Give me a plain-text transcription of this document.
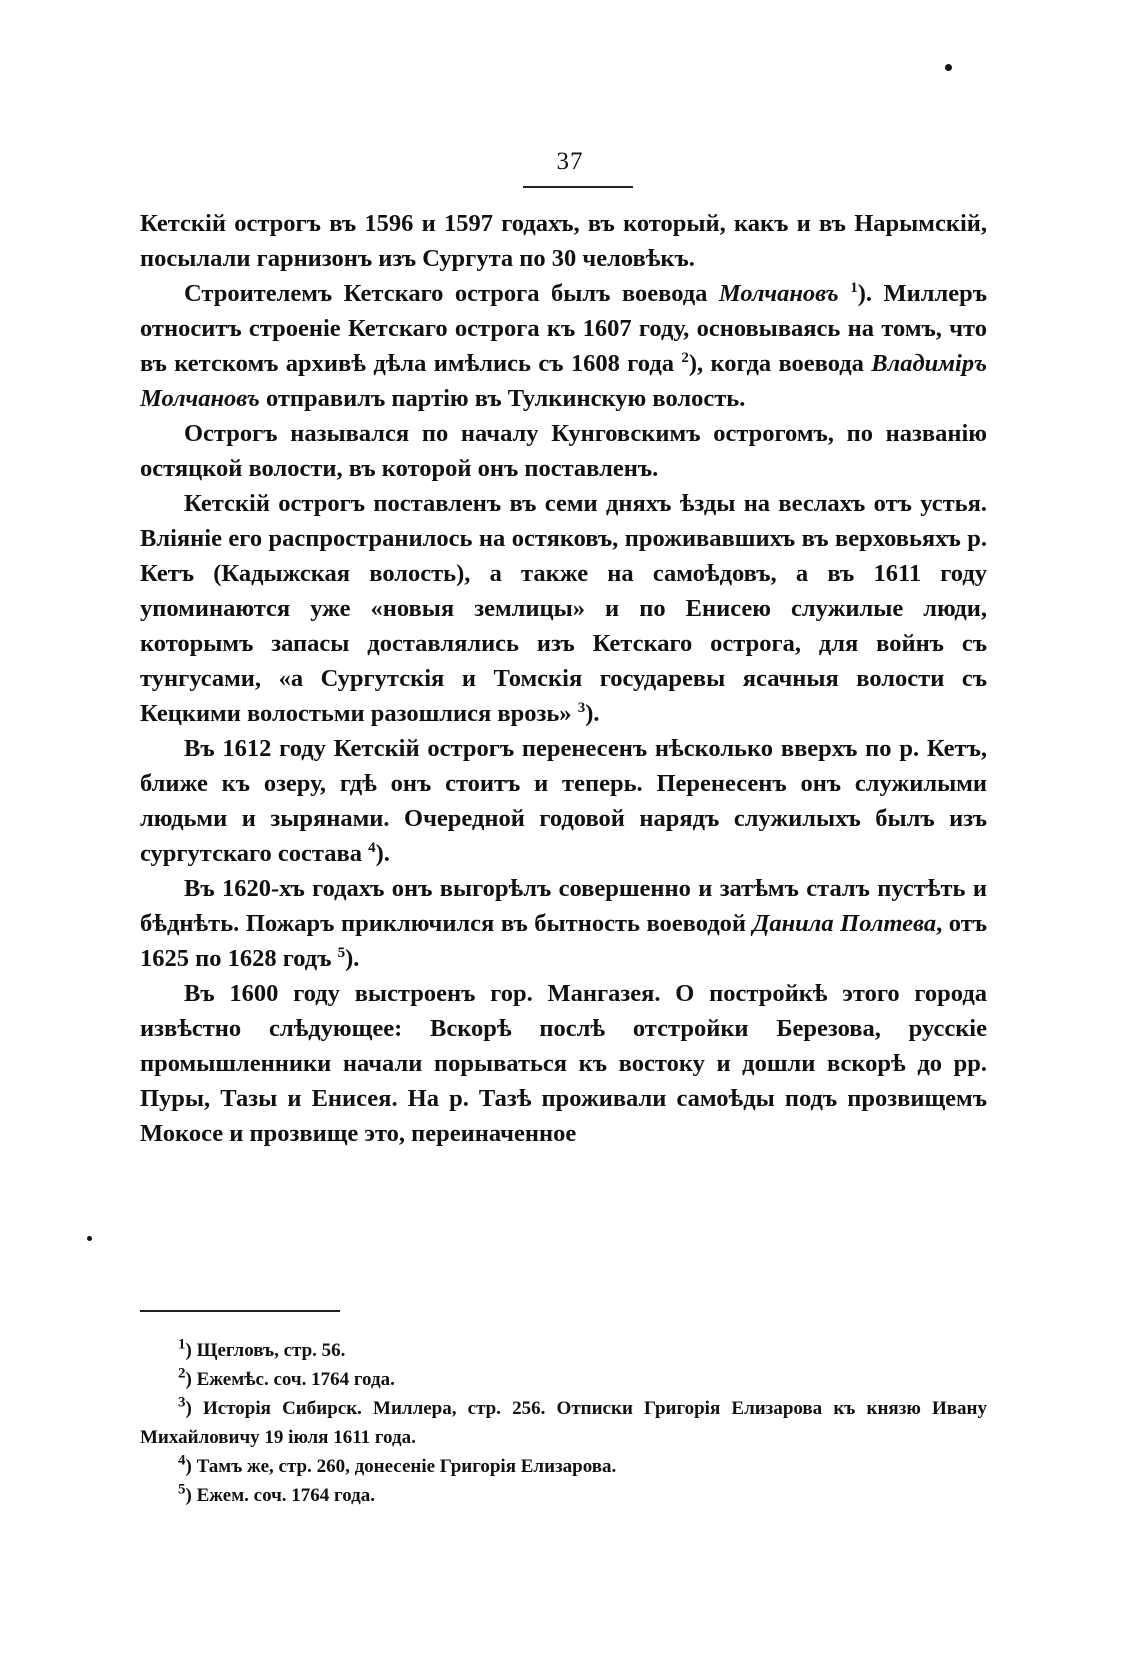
37

Кетскій острогъ въ 1596 и 1597 годахъ, въ который, какъ и въ Нарымскій, посылали гарнизонъ изъ Сургута по 30 человѣкъ.

Строителемъ Кетскаго острога былъ воевода Молчановъ $^1$). Миллеръ относитъ строеніе Кетскаго острога къ 1607 году, основываясь на томъ, что въ кетскомъ архивѣ дѣла имѣлись съ 1608 года $^2$), когда воевода Владиміръ Молчановъ отправилъ партію въ Тулкинскую волость.

Острогъ назывался по началу Кунговскимъ острогомъ, по названію остяцкой волости, въ которой онъ поставленъ.

Кетскій острогъ поставленъ въ семи дняхъ ѣзды на веслахъ отъ устья. Вліяніе его распространилось на остяковъ, проживавшихъ въ верховьяхъ р. Кетъ (Кадыжская волость), а также на самоѣдовъ, а въ 1611 году упоминаются уже «новыя землицы» и по Енисею служилые люди, которымъ запасы доставлялись изъ Кетскаго острога, для войнъ съ тунгусами, «а Сургутскія и Томскія государевы ясачныя волости съ Кецкими волостьми разошлися врозь» $^3$).

Въ 1612 году Кетскій острогъ перенесенъ нѣсколько вверхъ по р. Кетъ, ближе къ озеру, гдѣ онъ стоитъ и теперь. Перенесенъ онъ служилыми людьми и зырянами. Очередной годовой нарядъ служилыхъ былъ изъ сургутскаго состава $^4$).

Въ 1620-хъ годахъ онъ выгорѣлъ совершенно и затѣмъ сталъ пустѣть и бѣднѣть. Пожаръ приключился въ бытность воеводой Данила Полтева, отъ 1625 по 1628 годъ $^5$).

Въ 1600 году выстроенъ гор. Мангазея. О постройкѣ этого города извѣстно слѣдующее: Вскорѣ послѣ отстройки Березова, русскіе промышленники начали порываться къ востоку и дошли вскорѣ до рр. Пуры, Тазы и Енисея. На р. Тазѣ проживали самоѣды подъ прозвищемъ Мокосе и прозвище это, переиначенное

$^1$) Щегловъ, стр. 56.

$^2$) Ежемѣс. соч. 1764 года.

$^3$) Исторія Сибирск. Миллера, стр. 256. Отписки Григорія Елизарова къ князю Ивану Михайловичу 19 іюля 1611 года.

$^4$) Тамъ же, стр. 260, донесеніе Григорія Елизарова.

$^5$) Ежем. соч. 1764 года.
